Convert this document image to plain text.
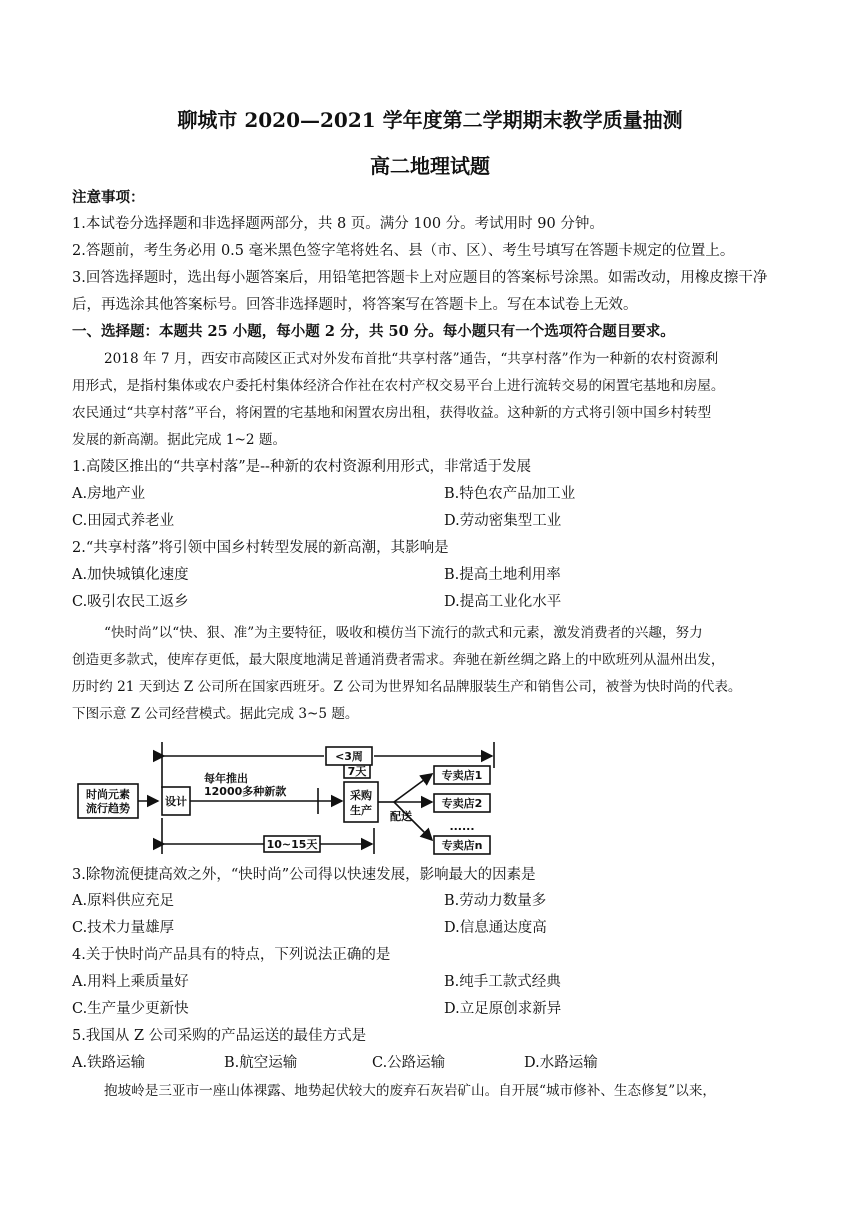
聊城市 2020—2021 学年度第二学期期末教学质量抽测
高二地理试题
注意事项：
1.本试卷分选择题和非选择题两部分，共 8 页。满分 100 分。考试用时 90 分钟。
2.答题前，考生务必用 0.5 毫米黑色签字笔将姓名、县（市、区）、考生号填写在答题卡规定的位置上。
3.回答选择题时，选出每小题答案后，用铅笔把答题卡上对应题目的答案标号涂黑。如需改动，用橡皮擦干净
后，再选涂其他答案标号。回答非选择题时，将答案写在答题卡上。写在本试卷上无效。
一、选择题：本题共 25 小题，每小题 2 分，共 50 分。每小题只有一个选项符合题目要求。
2018 年 7 月，西安市高陵区正式对外发布首批“共享村落”通告，“共享村落”作为一种新的农村资源利
用形式，是指村集体或农户委托村集体经济合作社在农村产权交易平台上进行流转交易的闲置宅基地和房屋。
农民通过“共享村落”平台，将闲置的宅基地和闲置农房出租，获得收益。这种新的方式将引领中国乡村转型
发展的新高潮。据此完成 1~2 题。
1.高陵区推出的“共享村落”是--种新的农村资源利用形式，非常适于发展
A.房地产业	B.特色农产品加工业
C.田园式养老业	D.劳动密集型工业
2.“共享村落”将引领中国乡村转型发展的新高潮，其影响是
A.加快城镇化速度	B.提高土地利用率
C.吸引农民工返乡	D.提高工业化水平
“快时尚”以“快、狠、准”为主要特征，吸收和模仿当下流行的款式和元素，激发消费者的兴趣，努力
创造更多款式，使库存更低，最大限度地满足普通消费者需求。奔驰在新丝绸之路上的中欧班列从温州出发，
历时约 21 天到达 Z 公司所在国家西班牙。Z 公司为世界知名品牌服装生产和销售公司，被誉为快时尚的代表。
下图示意 Z 公司经营模式。据此完成 3~5 题。
时尚元素
流行趋势
设计
每年推出
12000多种新款
<3周
7天
采购
生产 配送
专卖店1
专卖店2
......
专卖店n
10~15天
3.除物流便捷高效之外，“快时尚”公司得以快速发展，影响最大的因素是
A.原料供应充足	B.劳动力数量多
C.技术力量雄厚	D.信息通达度高
4.关于快时尚产品具有的特点，下列说法正确的是
A.用料上乘质量好	B.纯手工款式经典
C.生产量少更新快	D.立足原创求新异
5.我国从 Z 公司采购的产品运送的最佳方式是
A.铁路运输	B.航空运输	C.公路运输	D.水路运输
抱坡岭是三亚市一座山体裸露、地势起伏较大的废弃石灰岩矿山。自开展“城市修补、生态修复”以来，
